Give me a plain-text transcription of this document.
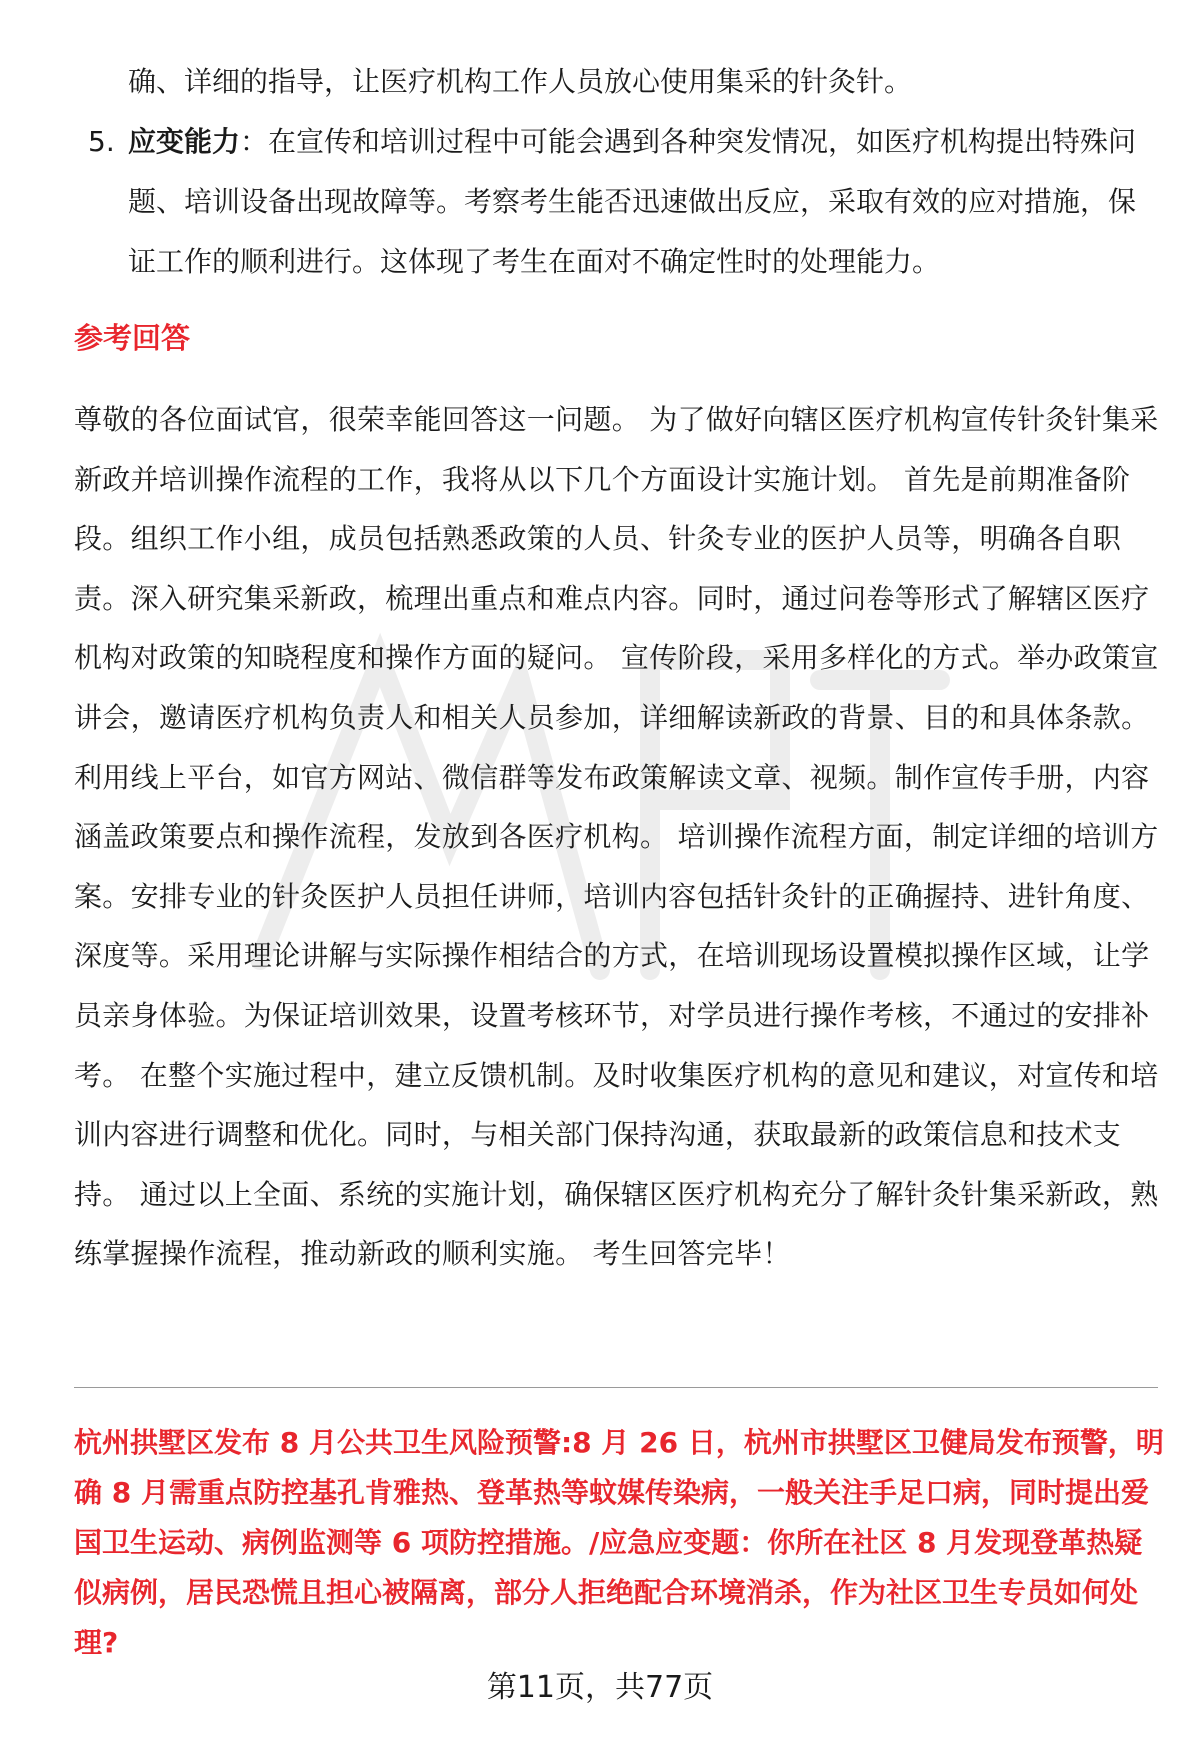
确、详细的指导，让医疗机构工作人员放心使用集采的针灸针。
5. 应变能力：在宣传和培训过程中可能会遇到各种突发情况，如医疗机构提出特殊问题、培训设备出现故障等。考察考生能否迅速做出反应，采取有效的应对措施，保证工作的顺利进行。这体现了考生在面对不确定性时的处理能力。
参考回答
尊敬的各位面试官，很荣幸能回答这一问题。 为了做好向辖区医疗机构宣传针灸针集采新政并培训操作流程的工作，我将从以下几个方面设计实施计划。 首先是前期准备阶段。组织工作小组，成员包括熟悉政策的人员、针灸专业的医护人员等，明确各自职责。深入研究集采新政，梳理出重点和难点内容。同时，通过问卷等形式了解辖区医疗机构对政策的知晓程度和操作方面的疑问。 宣传阶段，采用多样化的方式。举办政策宣讲会，邀请医疗机构负责人和相关人员参加，详细解读新政的背景、目的和具体条款。利用线上平台，如官方网站、微信群等发布政策解读文章、视频。制作宣传手册，内容涵盖政策要点和操作流程，发放到各医疗机构。 培训操作流程方面，制定详细的培训方案。安排专业的针灸医护人员担任讲师，培训内容包括针灸针的正确握持、进针角度、深度等。采用理论讲解与实际操作相结合的方式，在培训现场设置模拟操作区域，让学员亲身体验。为保证培训效果，设置考核环节，对学员进行操作考核，不通过的安排补考。 在整个实施过程中，建立反馈机制。及时收集医疗机构的意见和建议，对宣传和培训内容进行调整和优化。同时，与相关部门保持沟通，获取最新的政策信息和技术支持。 通过以上全面、系统的实施计划，确保辖区医疗机构充分了解针灸针集采新政，熟练掌握操作流程，推动新政的顺利实施。 考生回答完毕！
杭州拱墅区发布 8 月公共卫生风险预警:8 月 26 日，杭州市拱墅区卫健局发布预警，明确 8 月需重点防控基孔肯雅热、登革热等蚊媒传染病，一般关注手足口病，同时提出爱国卫生运动、病例监测等 6 项防控措施。/应急应变题：你所在社区 8 月发现登革热疑似病例，居民恐慌且担心被隔离，部分人拒绝配合环境消杀，作为社区卫生专员如何处理?
第11页，共77页
